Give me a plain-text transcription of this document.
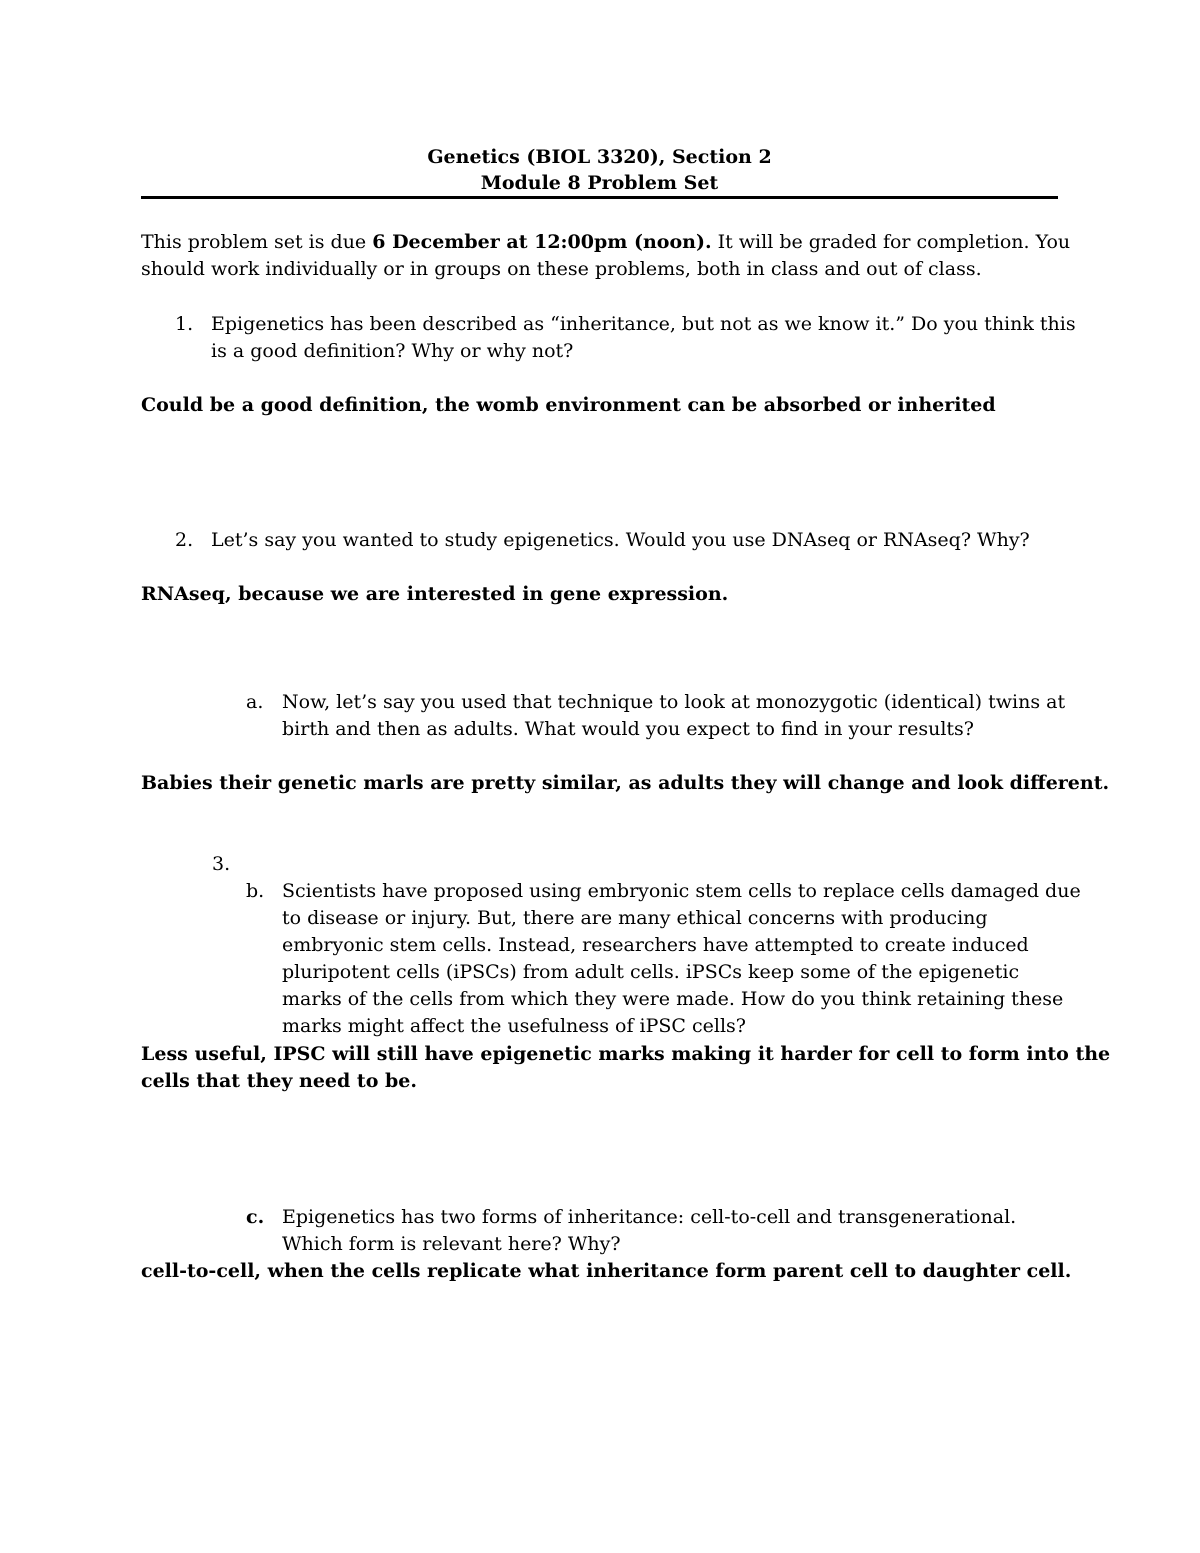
Genetics (BIOL 3320), Section 2
Module 8 Problem Set
This problem set is due 6 December at 12:00pm (noon). It will be graded for completion. You
should work individually or in groups on these problems, both in class and out of class.
1. Epigenetics has been described as “inheritance, but not as we know it.” Do you think this
is a good definition? Why or why not?
Could be a good definition, the womb environment can be absorbed or inherited
2. Let’s say you wanted to study epigenetics. Would you use DNAseq or RNAseq? Why?
RNAseq, because we are interested in gene expression.
a. Now, let’s say you used that technique to look at monozygotic (identical) twins at
birth and then as adults. What would you expect to find in your results?
Babies their genetic marls are pretty similar, as adults they will change and look different.
3.
b. Scientists have proposed using embryonic stem cells to replace cells damaged due
to disease or injury. But, there are many ethical concerns with producing
embryonic stem cells. Instead, researchers have attempted to create induced
pluripotent cells (iPSCs) from adult cells. iPSCs keep some of the epigenetic
marks of the cells from which they were made. How do you think retaining these
marks might affect the usefulness of iPSC cells?
Less useful, IPSC will still have epigenetic marks making it harder for cell to form into the
cells that they need to be.
c. Epigenetics has two forms of inheritance: cell-to-cell and transgenerational.
Which form is relevant here? Why?
cell-to-cell, when the cells replicate what inheritance form parent cell to daughter cell.
